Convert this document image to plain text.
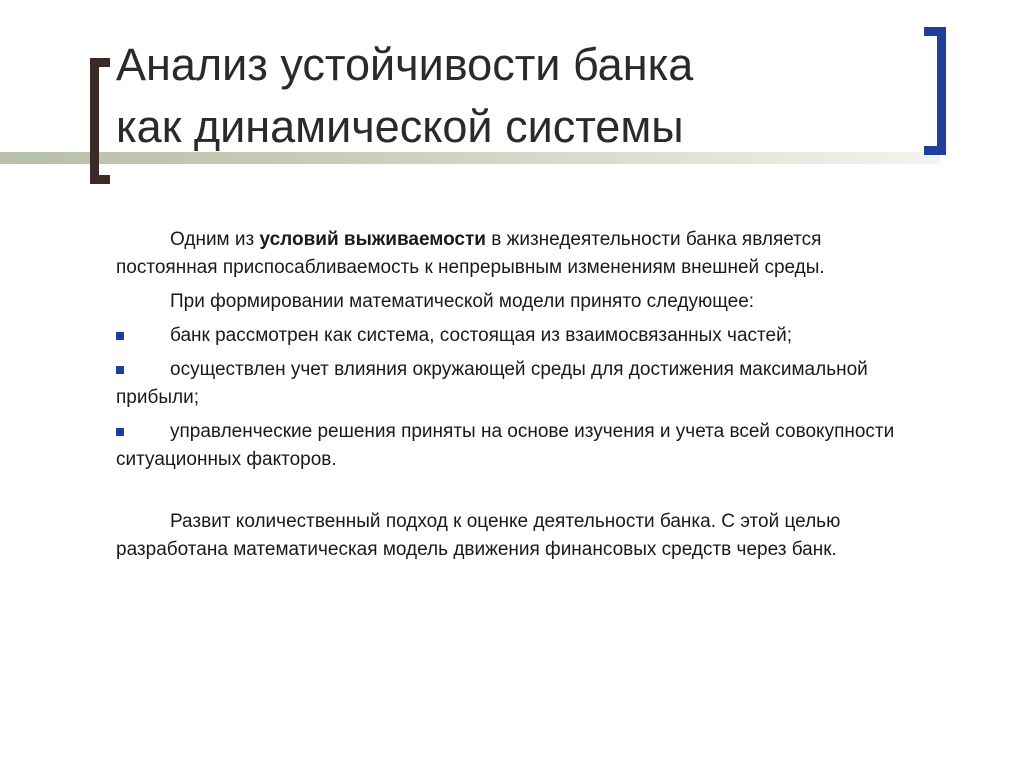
Анализ устойчивости банка
как динамической системы

Одним из условий выживаемости в жизнедеятельности банка является постоянная приспосабливаемость к непрерывным изменениям внешней среды.

При формировании математической модели принято следующее:

банк рассмотрен как система, состоящая из взаимосвязанных частей;
осуществлен учет влияния окружающей среды для достижения максимальной прибыли;
управленческие решения приняты на основе изучения и учета всей совокупности ситуационных факторов.

Развит количественный подход к оценке деятельности банка. С этой целью разработана математическая модель движения финансовых средств через банк.
